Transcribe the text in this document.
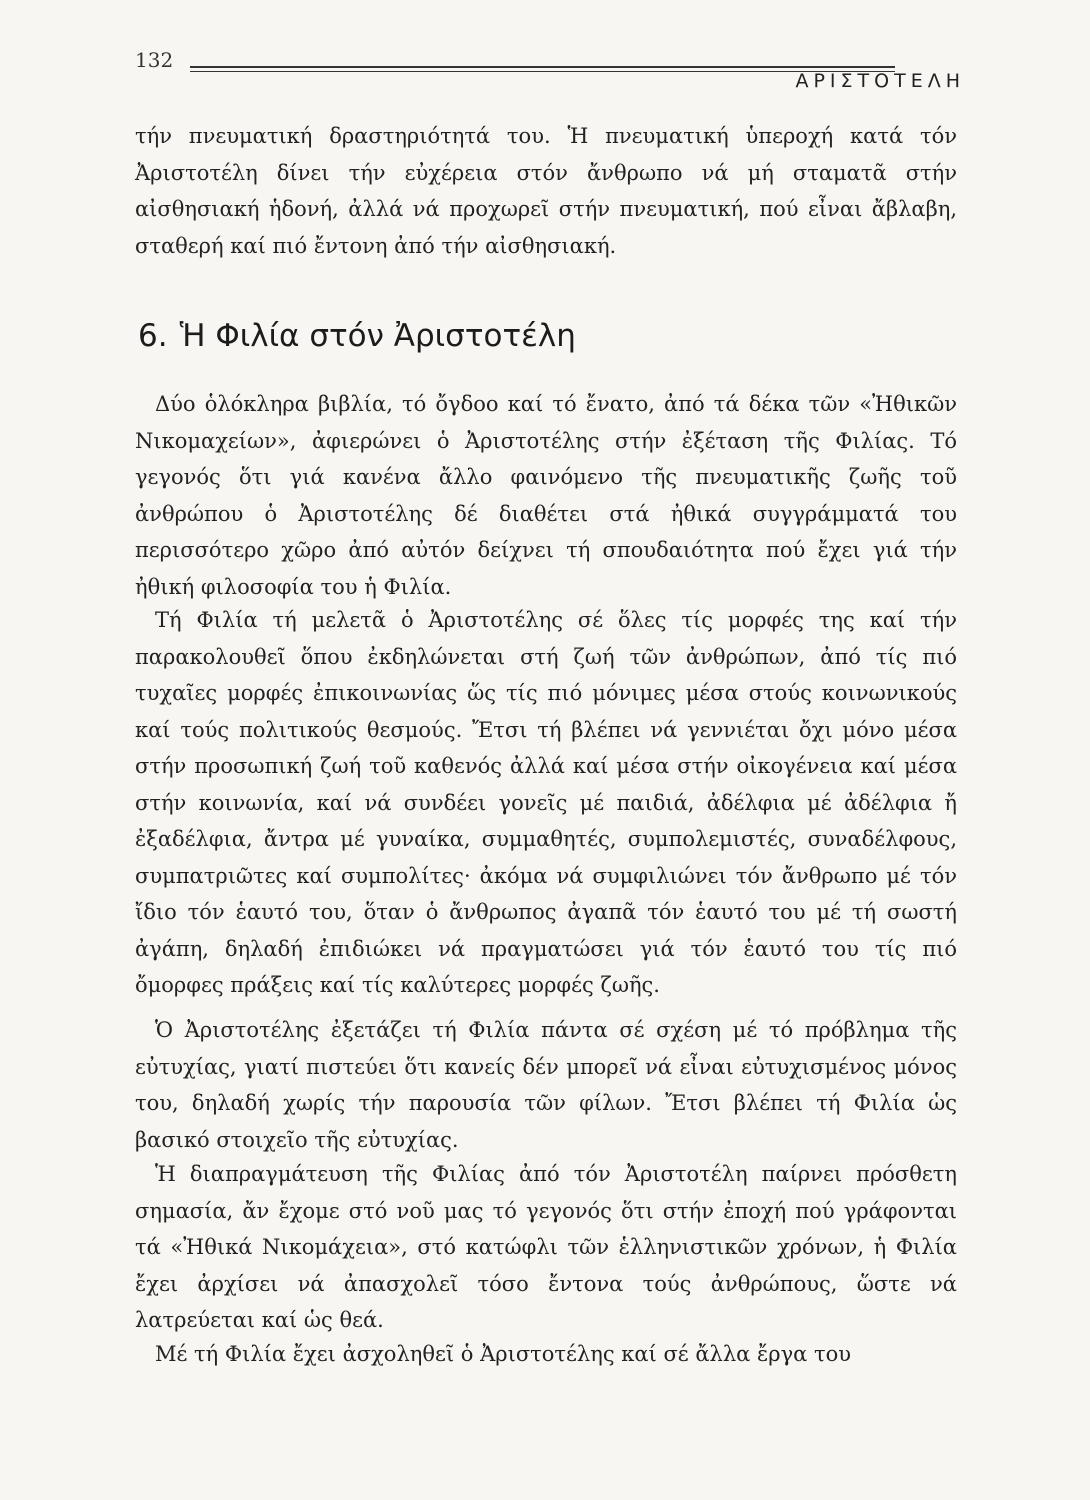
132
ΑΡΙΣΤΟΤΕΛΗ

τήν πνευματική δραστηριότητά του. Ἡ πνευματική ὑπεροχή κατά τόν Ἀριστοτέλη δίνει τήν εὐχέρεια στόν ἄνθρωπο νά μή σταματᾶ στήν αἰσθησιακή ἡδονή, ἀλλά νά προχωρεῖ στήν πνευματική, πού εἶναι ἄβλαβη, σταθερή καί πιό ἔντονη ἀπό τήν αἰσθησιακή.

6. Ἡ Φιλία στόν Ἀριστοτέλη

Δύο ὁλόκληρα βιβλία, τό ὄγδοο καί τό ἔνατο, ἀπό τά δέκα τῶν «Ἠθικῶν Νικομαχείων», ἀφιερώνει ὁ Ἀριστοτέλης στήν ἐξέταση τῆς Φιλίας. Τό γεγονός ὅτι γιά κανένα ἄλλο φαινόμενο τῆς πνευματικῆς ζωῆς τοῦ ἀνθρώπου ὁ Ἀριστοτέλης δέ διαθέτει στά ἠθικά συγγράμματά του περισσότερο χῶρο ἀπό αὐτόν δείχνει τή σπουδαιότητα πού ἔχει γιά τήν ἠθική φιλοσοφία του ἡ Φιλία.

Τή Φιλία τή μελετᾶ ὁ Ἀριστοτέλης σέ ὅλες τίς μορφές της καί τήν παρακολουθεῖ ὅπου ἐκδηλώνεται στή ζωή τῶν ἀνθρώπων, ἀπό τίς πιό τυχαῖες μορφές ἐπικοινωνίας ὥς τίς πιό μόνιμες μέσα στούς κοινωνικούς καί τούς πολιτικούς θεσμούς. Ἔτσι τή βλέπει νά γεννιέται ὄχι μόνο μέσα στήν προσωπική ζωή τοῦ καθενός ἀλλά καί μέσα στήν οἰκογένεια καί μέσα στήν κοινωνία, καί νά συνδέει γονεῖς μέ παιδιά, ἀδέλφια μέ ἀδέλφια ἤ ἐξαδέλφια, ἄντρα μέ γυναίκα, συμμαθητές, συμπολεμιστές, συναδέλφους, συμπατριῶτες καί συμπολίτες· ἀκόμα νά συμφιλιώνει τόν ἄνθρωπο μέ τόν ἴδιο τόν ἑαυτό του, ὅταν ὁ ἄνθρωπος ἀγαπᾶ τόν ἑαυτό του μέ τή σωστή ἀγάπη, δηλαδή ἐπιδιώκει νά πραγματώσει γιά τόν ἑαυτό του τίς πιό ὄμορφες πράξεις καί τίς καλύτερες μορφές ζωῆς.

Ὁ Ἀριστοτέλης ἐξετάζει τή Φιλία πάντα σέ σχέση μέ τό πρόβλημα τῆς εὐτυχίας, γιατί πιστεύει ὅτι κανείς δέν μπορεῖ νά εἶναι εὐτυχισμένος μόνος του, δηλαδή χωρίς τήν παρουσία τῶν φίλων. Ἔτσι βλέπει τή Φιλία ὡς βασικό στοιχεῖο τῆς εὐτυχίας.

Ἡ διαπραγμάτευση τῆς Φιλίας ἀπό τόν Ἀριστοτέλη παίρνει πρόσθετη σημασία, ἄν ἔχομε στό νοῦ μας τό γεγονός ὅτι στήν ἐποχή πού γράφονται τά «Ἠθικά Νικομάχεια», στό κατώφλι τῶν ἑλληνιστικῶν χρόνων, ἡ Φιλία ἔχει ἀρχίσει νά ἀπασχολεῖ τόσο ἔντονα τούς ἀνθρώπους, ὥστε νά λατρεύεται καί ὡς θεά.

Μέ τή Φιλία ἔχει ἀσχοληθεῖ ὁ Ἀριστοτέλης καί σέ ἄλλα ἔργα του
